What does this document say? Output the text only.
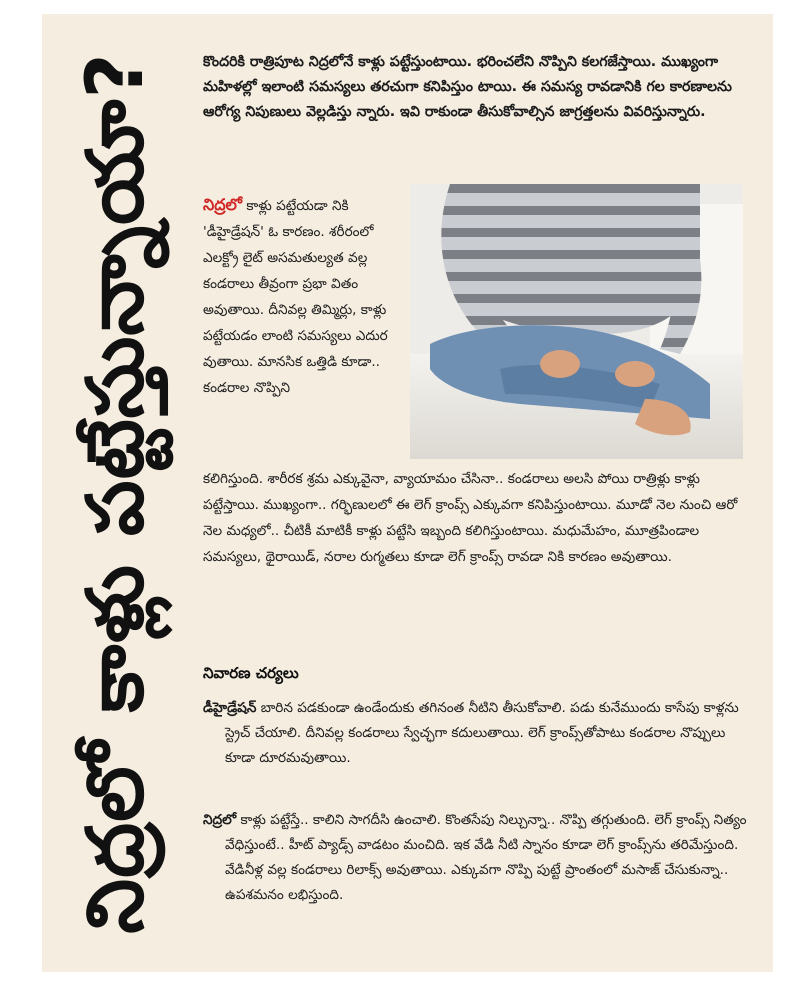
నిద్రలో కాళ్లు పట్టేస్తున్నాయా?	కొందరికి రాత్రిపూట నిద్రలోనే కాళ్లు పట్టేస్తుంటాయి. భరించలేని నొప్పిని కలగజేస్తాయి. ముఖ్యంగా మహిళల్లో ఇలాంటి సమస్యలు తరచుగా కనిపిస్తుం టాయి. ఈ సమస్య రావడానికి గల కారణాలను ఆరోగ్య నిపుణులు వెల్లడిస్తు న్నారు. ఇవి రాకుండా తీసుకోవాల్సిన జాగ్రత్తలను వివరిస్తున్నారు.
నిద్రలో కాళ్లు పట్టేయడా నికి 'డీహైడ్రేషన్' ఓ కారణం. శరీరంలో ఎలక్ట్రో లైట్ అసమతుల్యత వల్ల కండరాలు తీవ్రంగా ప్రభా వితం అవుతాయి. దీనివల్ల తిమ్మిర్లు, కాళ్లు పట్టేయడం లాంటి సమస్యలు ఎదుర వుతాయి. మానసిక ఒత్తిడి కూడా.. కండరాల నొప్పిని
కలిగిస్తుంది. శారీరక శ్రమ ఎక్కువైనా, వ్యాయామం చేసినా.. కండరాలు అలసి పోయి రాత్రిళ్లు కాళ్లు పట్టేస్తాయి. ముఖ్యంగా.. గర్భిణులలో ఈ లెగ్ క్రాంప్స్ ఎక్కువగా కనిపిస్తుంటాయి. మూడో నెల నుంచి ఆరో నెల మధ్యలో.. చీటికీ మాటికీ కాళ్లు పట్టేసి ఇబ్బంది కలిగిస్తుంటాయి. మధుమేహం, మూత్రపిండాల సమస్యలు, థైరాయిడ్, నరాల రుగ్మతలు కూడా లెగ్ క్రాంప్స్ రావడా నికి కారణం అవుతాయి.
నివారణ చర్యలు
డీహైడ్రేషన్ బారిన పడకుండా ఉండేందుకు తగినంత నీటిని తీసుకోవాలి. పడు కునేముందు కాసేపు కాళ్లను స్ట్రెచ్ చేయాలి. దీనివల్ల కండరాలు స్వేచ్ఛగా కదులుతాయి. లెగ్ క్రాంప్స్‌తోపాటు కండరాల నొప్పులు కూడా దూరమవుతాయి.
నిద్రలో కాళ్లు పట్టేస్తే.. కాలిని సాగదీసి ఉంచాలి. కొంతసేపు నిల్చున్నా.. నొప్పి తగ్గుతుంది. లెగ్ క్రాంప్స్ నిత్యం వేధిస్తుంటే.. హీట్ ప్యాడ్స్ వాడటం మంచిది. ఇక వేడి నీటి స్నానం కూడా లెగ్ క్రాంప్స్‌ను తరిమేస్తుంది. వేడినీళ్ల వల్ల కండరాలు రిలాక్స్ అవుతాయి. ఎక్కువగా నొప్పి పుట్టే ప్రాంతంలో మసాజ్ చేసుకున్నా.. ఉపశమనం లభిస్తుంది.
